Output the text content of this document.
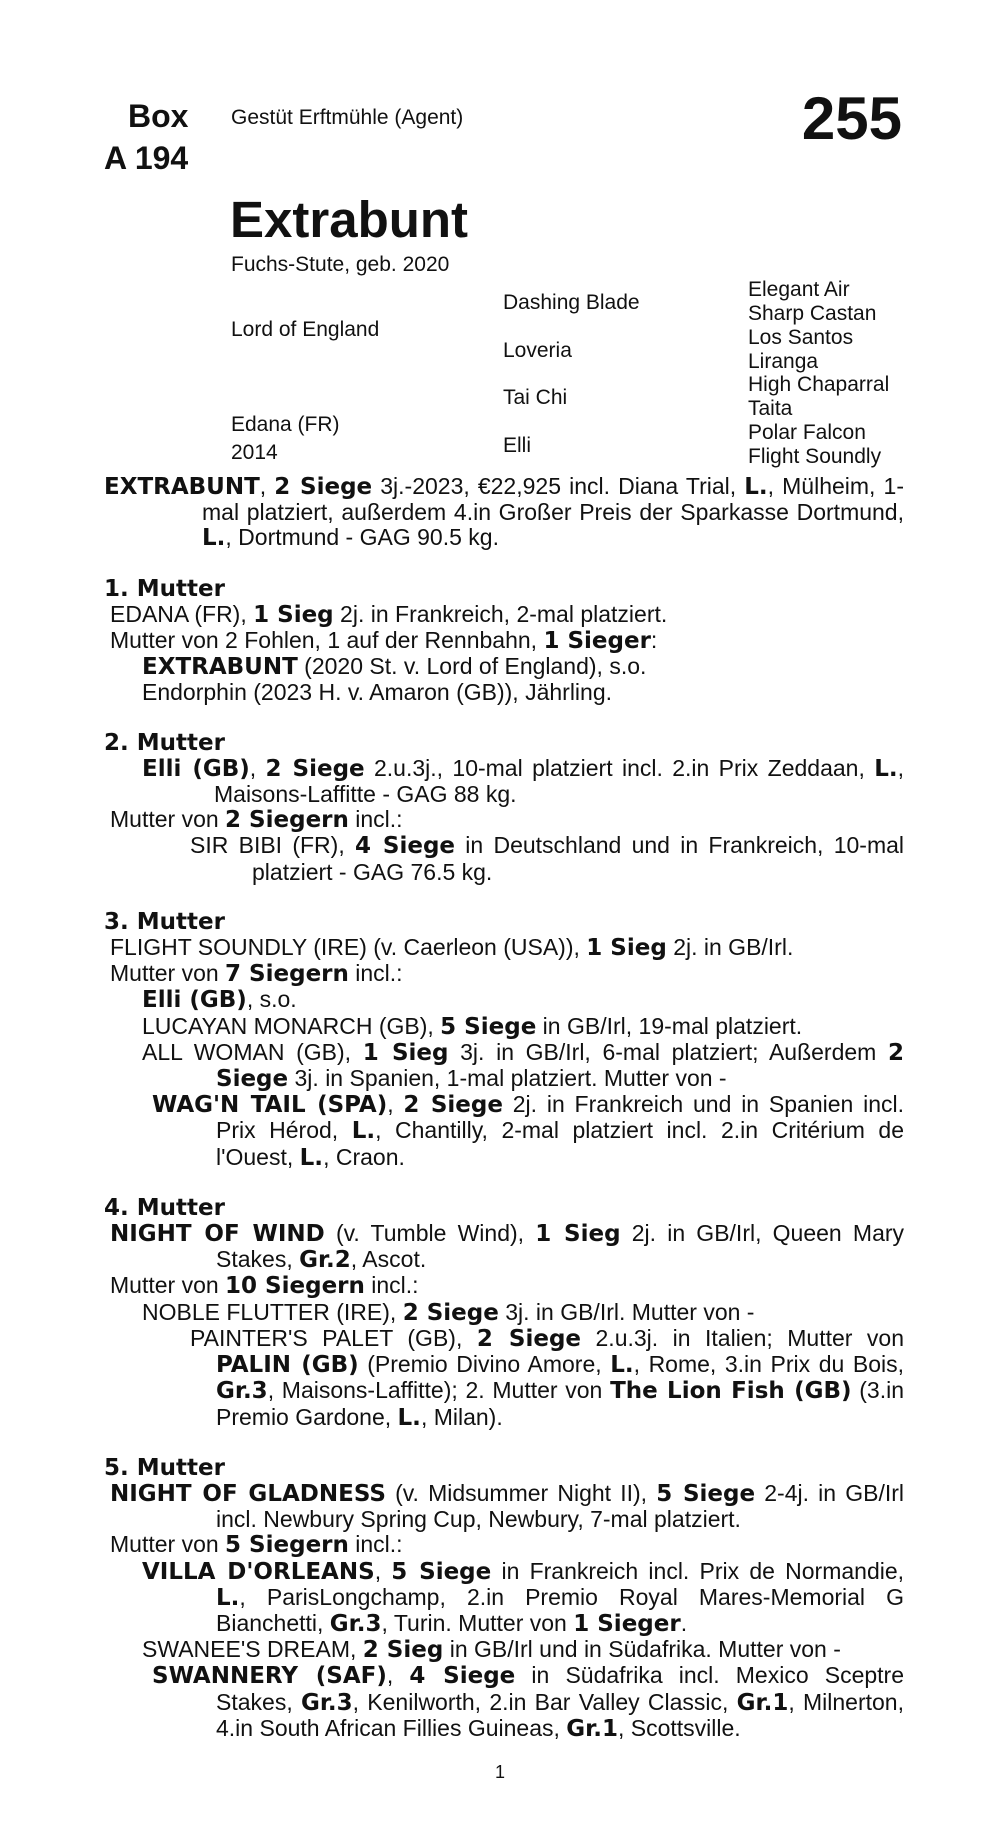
Box
A 194
Gestüt Erftmühle (Agent)	255
Extrabunt
Fuchs-Stute, geb. 2020
Lord of England
Edana (FR)
2014
Dashing Blade
Loveria
Tai Chi
Elli
Elegant Air
Sharp Castan
Los Santos
Liranga
High Chaparral
Taita
Polar Falcon
Flight Soundly

EXTRABUNT, 2 Siege 3j.-2023, €22,925 incl. Diana Trial, L., Mülheim, 1-mal platziert, außerdem 4.in Großer Preis der Sparkasse Dortmund, L., Dortmund - GAG 90.5 kg.

1. Mutter

EDANA (FR), 1 Sieg 2j. in Frankreich, 2-mal platziert.

Mutter von 2 Fohlen, 1 auf der Rennbahn, 1 Sieger:

EXTRABUNT (2020 St. v. Lord of England), s.o.

Endorphin (2023 H. v. Amaron (GB)), Jährling.

2. Mutter

Elli (GB), 2 Siege 2.u.3j., 10-mal platziert incl. 2.in Prix Zeddaan, L., Maisons-Laffitte - GAG 88 kg.

Mutter von 2 Siegern incl.:

SIR BIBI (FR), 4 Siege in Deutschland und in Frankreich, 10-mal platziert - GAG 76.5 kg.

3. Mutter

FLIGHT SOUNDLY (IRE) (v. Caerleon (USA)), 1 Sieg 2j. in GB/Irl.

Mutter von 7 Siegern incl.:

Elli (GB), s.o.

LUCAYAN MONARCH (GB), 5 Siege in GB/Irl, 19-mal platziert.

ALL WOMAN (GB), 1 Sieg 3j. in GB/Irl, 6-mal platziert; Außerdem 2 Siege 3j. in Spanien, 1-mal platziert. Mutter von -

WAG'N TAIL (SPA), 2 Siege 2j. in Frankreich und in Spanien incl. Prix Hérod, L., Chantilly, 2-mal platziert incl. 2.in Critérium de l'Ouest, L., Craon.

4. Mutter

NIGHT OF WIND (v. Tumble Wind), 1 Sieg 2j. in GB/Irl, Queen Mary Stakes, Gr.2, Ascot.

Mutter von 10 Siegern incl.:

NOBLE FLUTTER (IRE), 2 Siege 3j. in GB/Irl. Mutter von -

PAINTER'S PALET (GB), 2 Siege 2.u.3j. in Italien; Mutter von PALIN (GB) (Premio Divino Amore, L., Rome, 3.in Prix du Bois, Gr.3, Maisons-Laffitte); 2. Mutter von The Lion Fish (GB) (3.in Premio Gardone, L., Milan).

5. Mutter

NIGHT OF GLADNESS (v. Midsummer Night II), 5 Siege 2-4j. in GB/Irl incl. Newbury Spring Cup, Newbury, 7-mal platziert.

Mutter von 5 Siegern incl.:

VILLA D'ORLEANS, 5 Siege in Frankreich incl. Prix de Normandie, L., ParisLongchamp, 2.in Premio Royal Mares-Memorial G Bianchetti, Gr.3, Turin. Mutter von 1 Sieger.

SWANEE'S DREAM, 2 Sieg in GB/Irl und in Südafrika. Mutter von -

SWANNERY (SAF), 4 Siege in Südafrika incl. Mexico Sceptre Stakes, Gr.3, Kenilworth, 2.in Bar Valley Classic, Gr.1, Milnerton, 4.in South African Fillies Guineas, Gr.1, Scottsville.

1
